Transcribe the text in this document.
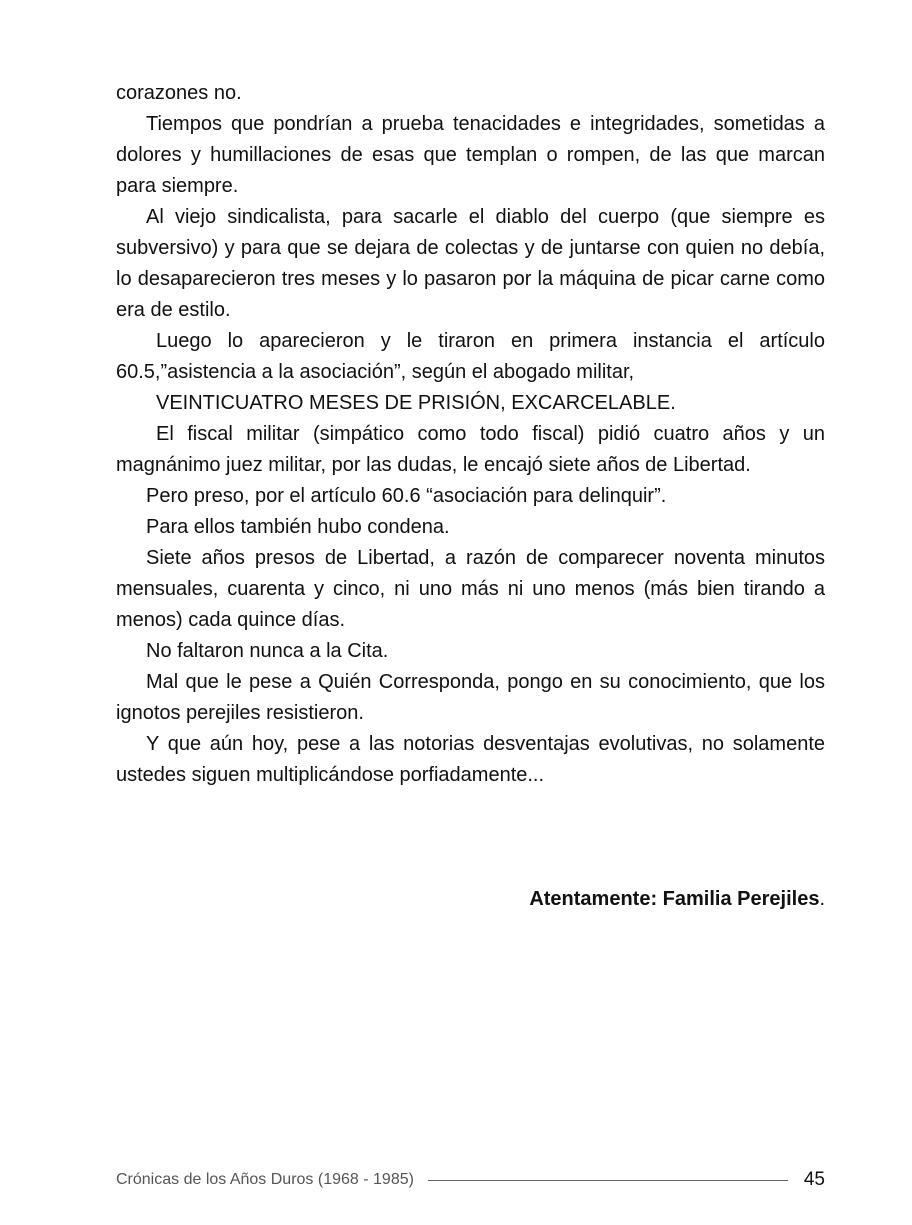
corazones no.

Tiempos que pondrían a prueba tenacidades e integridades, sometidas a dolores y humillaciones de esas que templan o rompen, de las que marcan para siempre.

Al viejo sindicalista, para sacarle el diablo del cuerpo (que siempre es subversivo) y para que se dejara de colectas y de juntarse con quien no debía, lo desaparecieron tres meses y lo pasaron por la máquina de picar carne como era de estilo.

Luego lo aparecieron y le tiraron en primera instancia el artículo 60.5,”asistencia a la asociación”, según el abogado militar,

VEINTICUATRO MESES DE PRISIÓN, EXCARCELABLE.

El fiscal militar (simpático como todo fiscal) pidió cuatro años y un magnánimo juez militar, por las dudas, le encajó siete años de Libertad.

Pero preso, por el artículo 60.6 “asociación para delinquir”.

Para ellos también hubo condena.

Siete años presos de Libertad, a razón de comparecer noventa minutos mensuales, cuarenta y cinco, ni uno más ni uno menos (más bien tirando a menos) cada quince días.

No faltaron nunca a la Cita.

Mal que le pese a Quién Corresponda, pongo en su conocimiento, que los ignotos perejiles resistieron.

Y que aún hoy, pese a las notorias desventajas evolutivas, no solamente ustedes siguen multiplicándose porfiadamente...

Atentamente: Familia Perejiles.
Crónicas de los Años Duros (1968 - 1985)	45
